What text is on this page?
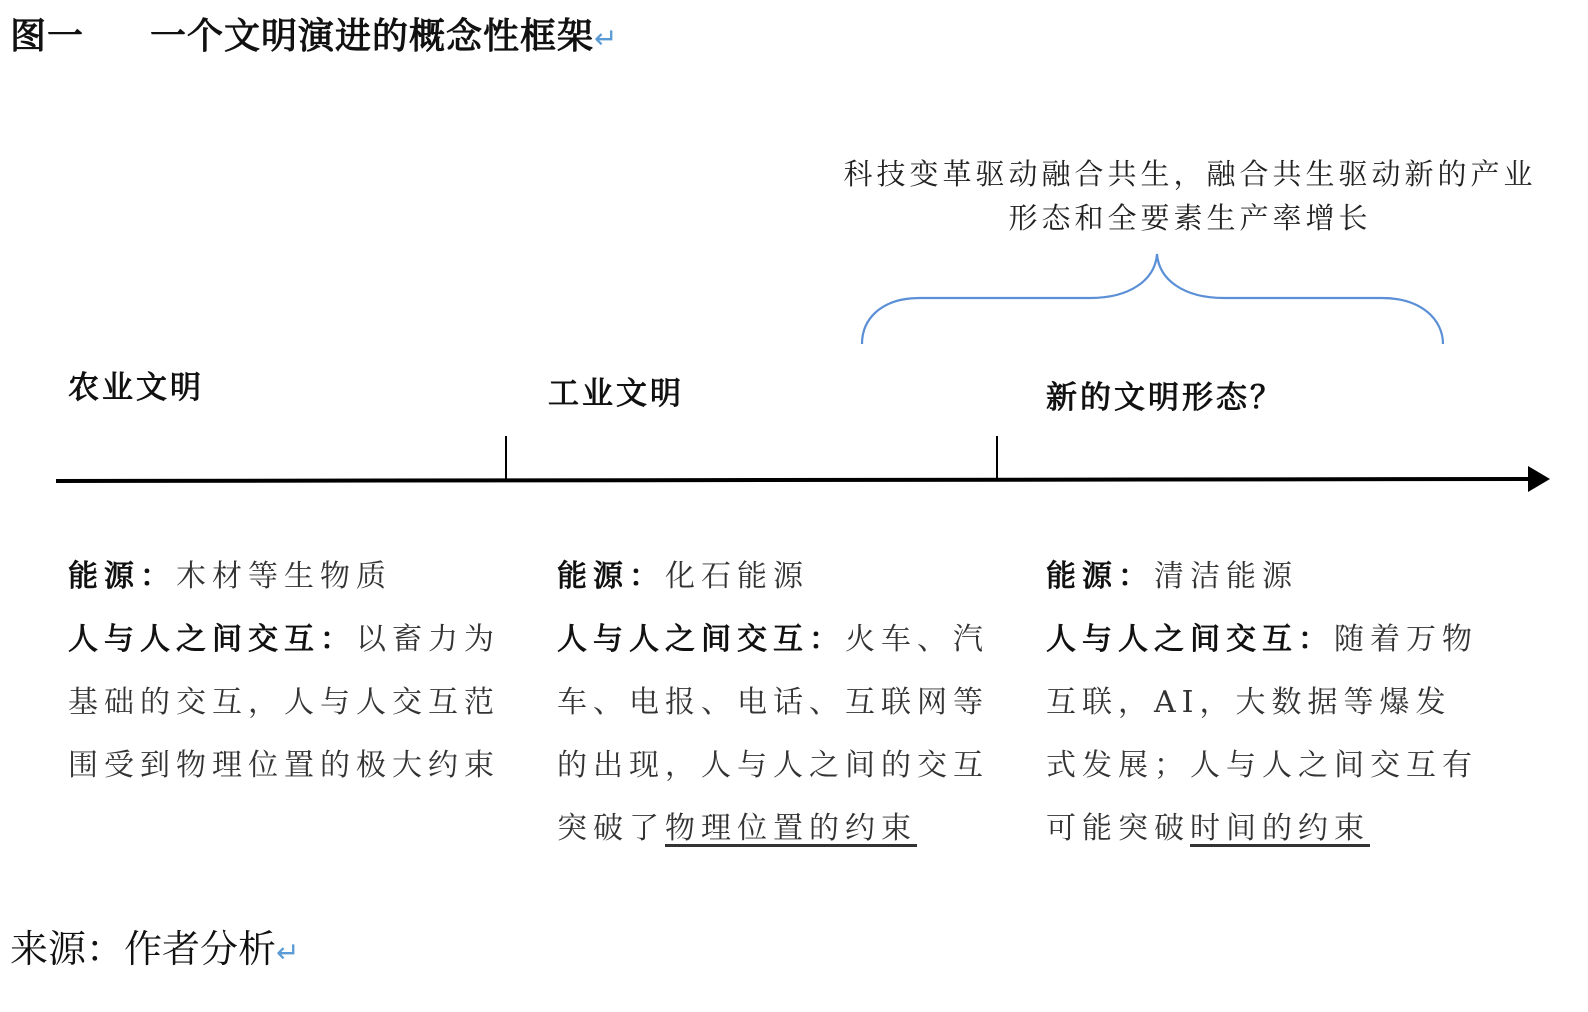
图一 一个文明演进的概念性框架↵
科技变革驱动融合共生，融合共生驱动新的产业形态和全要素生产率增长
农业文明	工业文明	新的文明形态？
能源：木材等生物质
人与人之间交互：以畜力为基础的交互，人与人交互范围受到物理位置的极大约束
能源：化石能源
人与人之间交互：火车、汽车、电报、电话、互联网等的出现，人与人之间的交互突破了物理位置的约束
能源：清洁能源
人与人之间交互：随着万物互联，AI，大数据等爆发式发展；人与人之间交互有可能突破时间的约束
来源：作者分析↵
